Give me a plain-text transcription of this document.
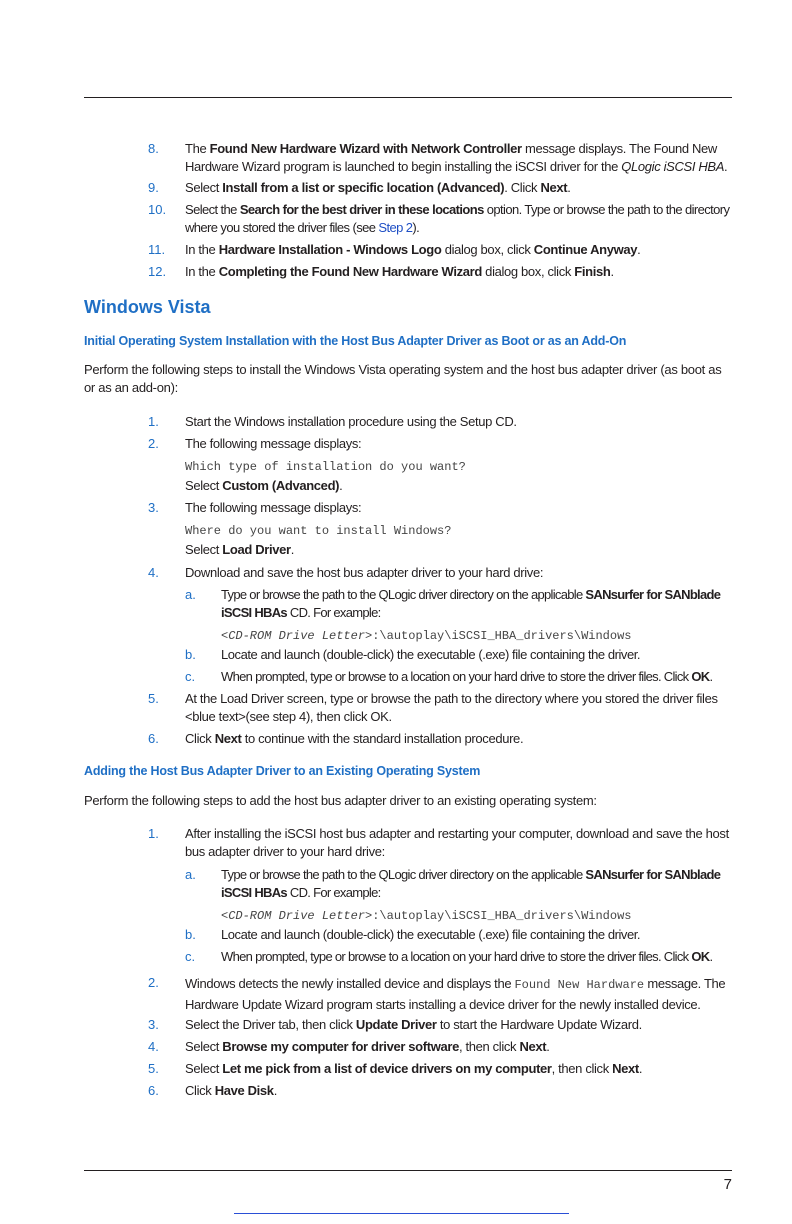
8.	The Found New Hardware Wizard with Network Controller message displays. The Found New Hardware Wizard program is launched to begin installing the iSCSI driver for the QLogic iSCSI HBA.
9.	Select Install from a list or specific location (Advanced). Click Next.
10.	Select the Search for the best driver in these locations option. Type or browse the path to the directory where you stored the driver files (see Step 2).
11.	In the Hardware Installation - Windows Logo dialog box, click Continue Anyway.
12.	In the Completing the Found New Hardware Wizard dialog box, click Finish.
Windows Vista
Initial Operating System Installation with the Host Bus Adapter Driver as Boot or as an Add-On
Perform the following steps to install the Windows Vista operating system and the host bus adapter driver (as boot as or as an add-on):
1.	Start the Windows installation procedure using the Setup CD.
2.	The following message displays:
Which type of installation do you want?
Select Custom (Advanced).
3.	The following message displays:
Where do you want to install Windows?
Select Load Driver.
4.	Download and save the host bus adapter driver to your hard drive:
a.	Type or browse the path to the QLogic driver directory on the applicable SANsurfer for SANblade iSCSI HBAs CD. For example:
<CD-ROM Drive Letter>:\autoplay\iSCSI_HBA_drivers\Windows
b.	Locate and launch (double-click) the executable (.exe) file containing the driver.
c.	When prompted, type or browse to a location on your hard drive to store the driver files. Click OK.
5.	At the Load Driver screen, type or browse the path to the directory where you stored the driver files <blue text>(see step 4), then click OK.
6.	Click Next to continue with the standard installation procedure.
Adding the Host Bus Adapter Driver to an Existing Operating System
Perform the following steps to add the host bus adapter driver to an existing operating system:
1.	After installing the iSCSI host bus adapter and restarting your computer, download and save the host bus adapter driver to your hard drive:
a.	Type or browse the path to the QLogic driver directory on the applicable SANsurfer for SANblade iSCSI HBAs CD. For example:
<CD-ROM Drive Letter>:\autoplay\iSCSI_HBA_drivers\Windows
b.	Locate and launch (double-click) the executable (.exe) file containing the driver.
c.	When prompted, type or browse to a location on your hard drive to store the driver files. Click OK.
2.	Windows detects the newly installed device and displays the Found New Hardware message. The Hardware Update Wizard program starts installing a device driver for the newly installed device.
3.	Select the Driver tab, then click Update Driver to start the Hardware Update Wizard.
4.	Select Browse my computer for driver software, then click Next.
5.	Select Let me pick from a list of device drivers on my computer, then click Next.
6.	Click Have Disk.
7
